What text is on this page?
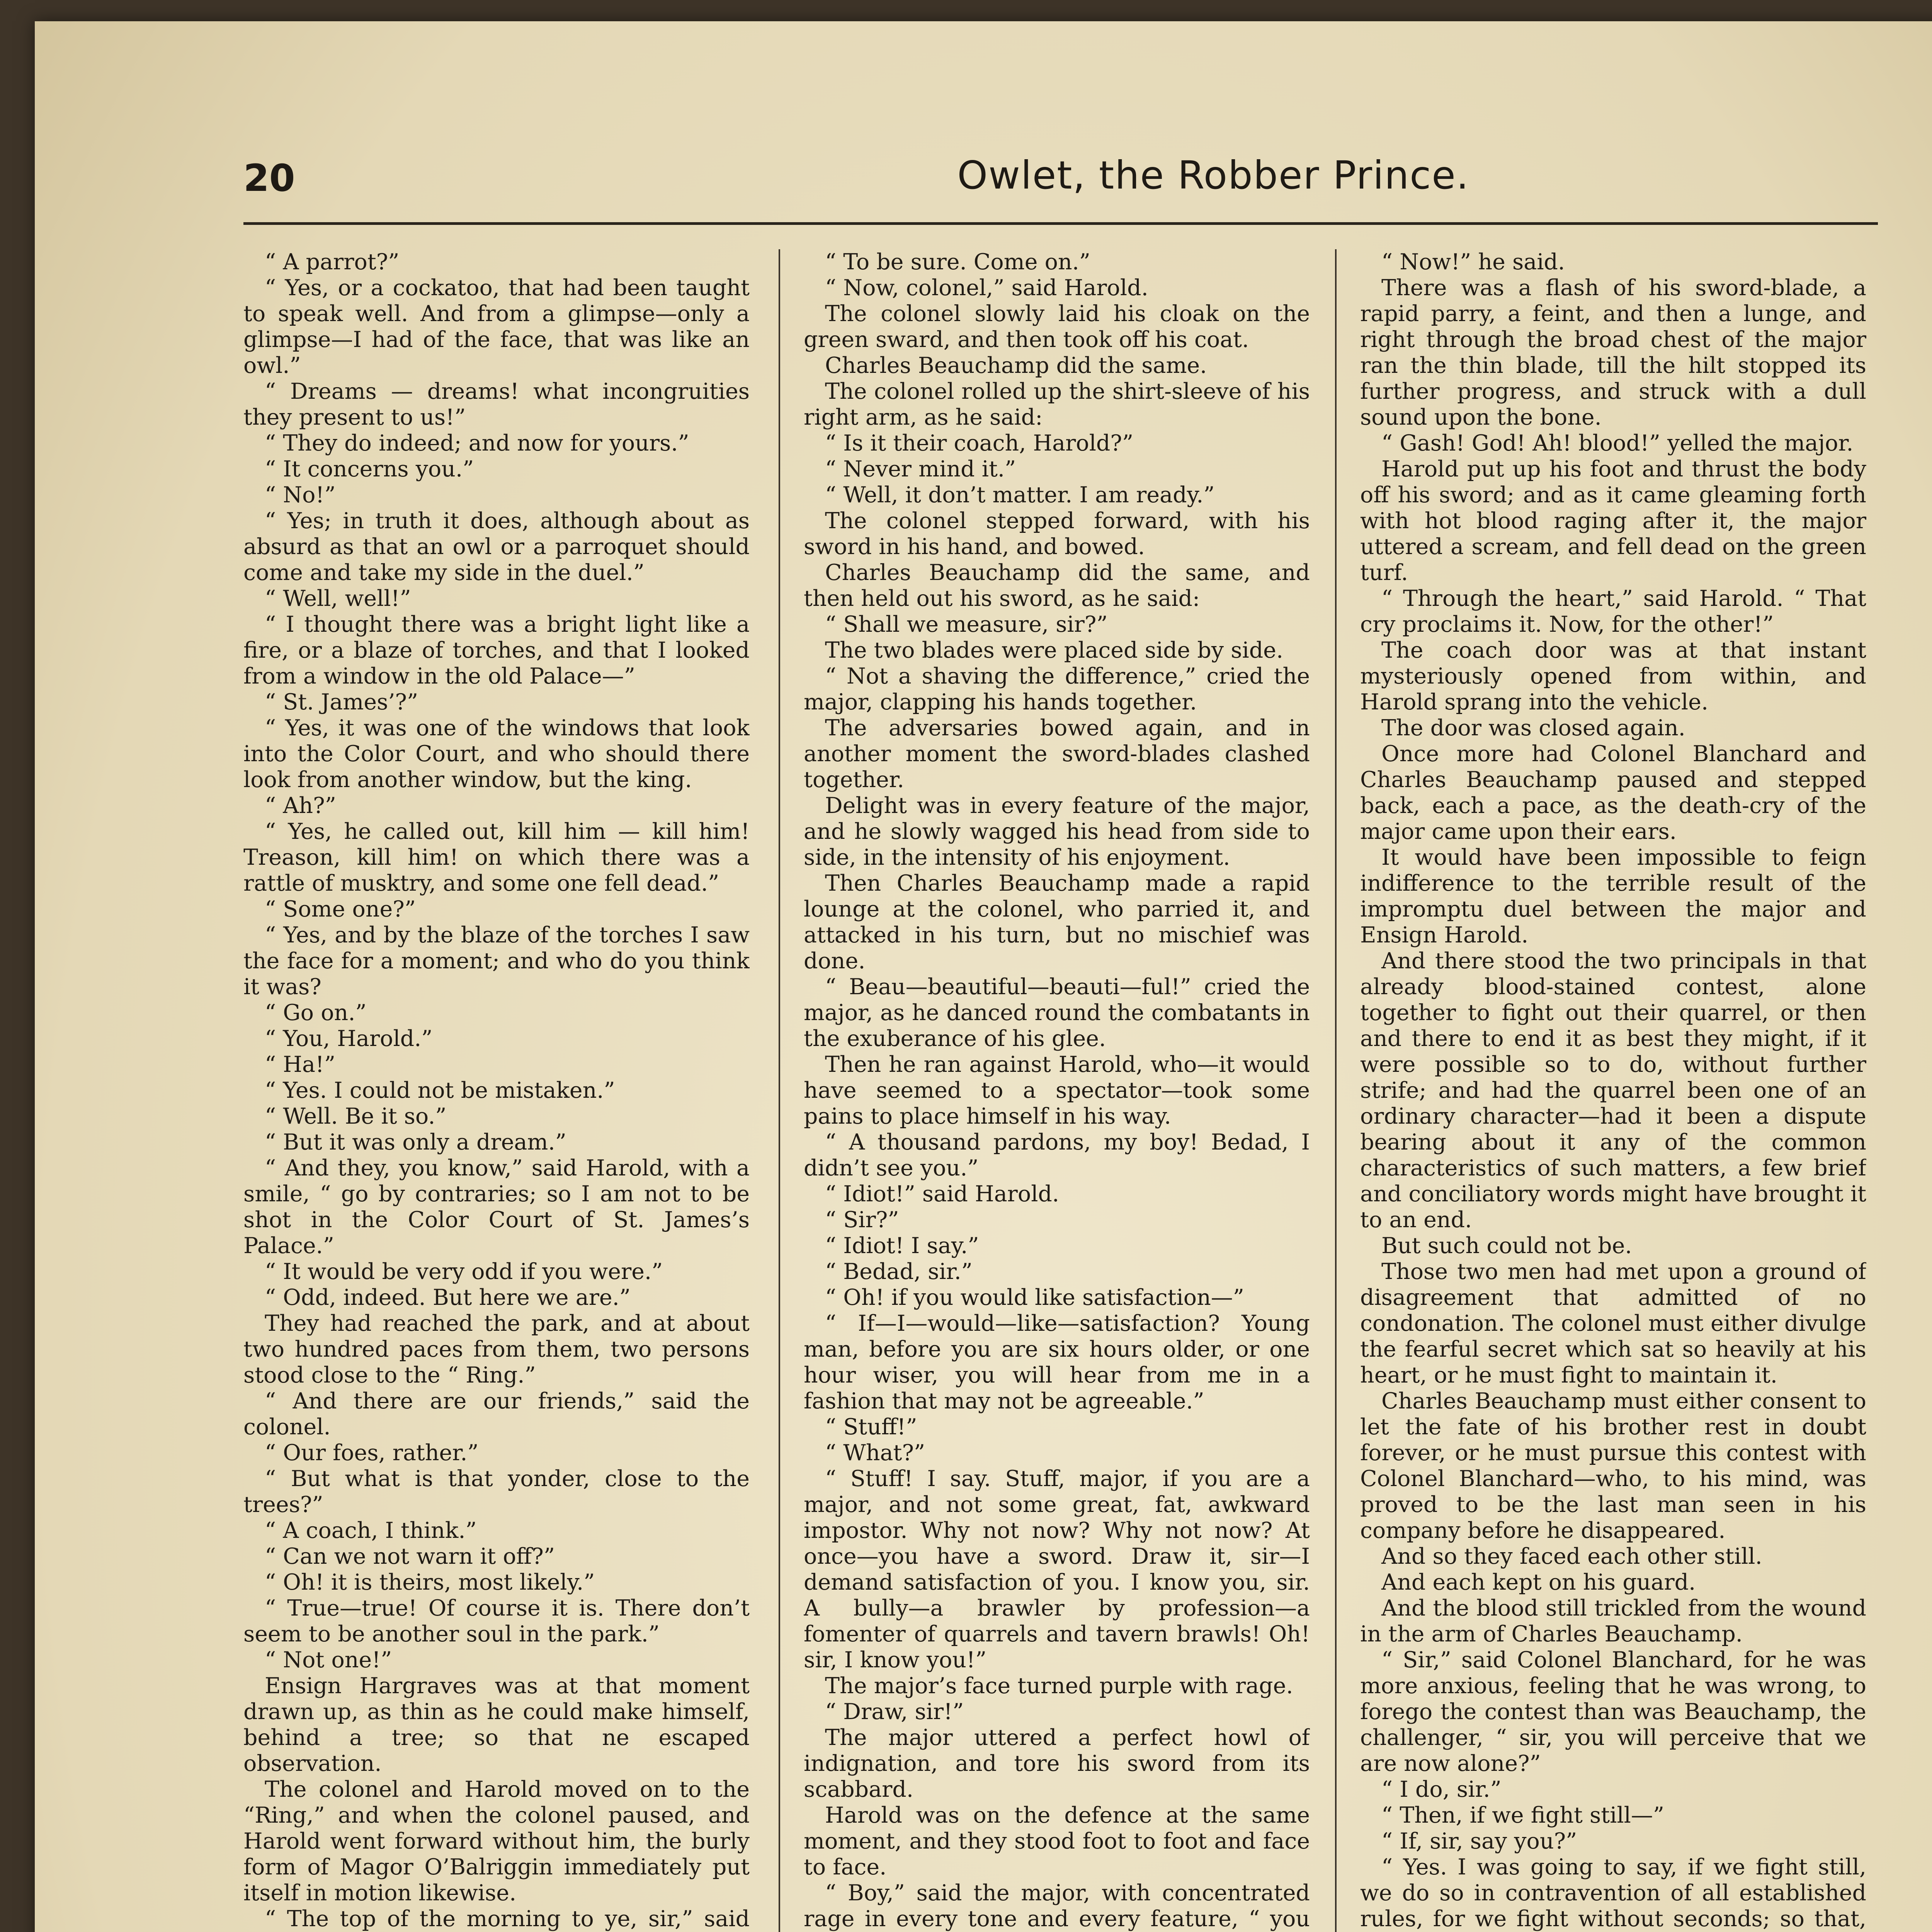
20	Owlet, the Robber Prince.

“ A parrot?”

“ Yes, or a cockatoo, that had been taught to speak well. And from a glimpse—only a glimpse—I had of the face, that was like an owl.”

“ Dreams — dreams! what incongruities they present to us!”

“ They do indeed; and now for yours.”

“ It concerns you.”

“ No!”

“ Yes; in truth it does, although about as absurd as that an owl or a parroquet should come and take my side in the duel.”

“ Well, well!”

“ I thought there was a bright light like a fire, or a blaze of torches, and that I looked from a window in the old Palace—”

“ St. James’?”

“ Yes, it was one of the windows that look into the Color Court, and who should there look from another window, but the king.

“ Ah?”

“ Yes, he called out, kill him — kill him! Treason, kill him! on which there was a rattle of musktry, and some one fell dead.”

“ Some one?”

“ Yes, and by the blaze of the torches I saw the face for a moment; and who do you think it was?

“ Go on.”

“ You, Harold.”

“ Ha!”

“ Yes. I could not be mistaken.”

“ Well. Be it so.”

“ But it was only a dream.”

“ And they, you know,” said Harold, with a smile, “ go by contraries; so I am not to be shot in the Color Court of St. James’s Palace.”

“ It would be very odd if you were.”

“ Odd, indeed. But here we are.”

They had reached the park, and at about two hundred paces from them, two persons stood close to the “ Ring.”

“ And there are our friends,” said the colonel.

“ Our foes, rather.”

“ But what is that yonder, close to the trees?”

“ A coach, I think.”

“ Can we not warn it off?”

“ Oh! it is theirs, most likely.”

“ True—true! Of course it is. There don’t seem to be another soul in the park.”

“ Not one!”

Ensign Hargraves was at that moment drawn up, as thin as he could make himself, behind a tree; so that ne escaped observation.

The colonel and Harold moved on to the “Ring,” and when the colonel paused, and Harold went forward without him, the burly form of Magor O’Balriggin immediately put itself in motion likewise.

“ The top of the morning to ye, sir,” said

“ To be sure. Come on.”

“ Now, colonel,” said Harold.

The colonel slowly laid his cloak on the green sward, and then took off his coat.

Charles Beauchamp did the same.

The colonel rolled up the shirt-sleeve of his right arm, as he said:

“ Is it their coach, Harold?”

“ Never mind it.”

“ Well, it don’t matter. I am ready.”

The colonel stepped forward, with his sword in his hand, and bowed.

Charles Beauchamp did the same, and then held out his sword, as he said:

“ Shall we measure, sir?”

The two blades were placed side by side.

“ Not a shaving the difference,” cried the major, clapping his hands together.

The adversaries bowed again, and in another moment the sword-blades clashed together.

Delight was in every feature of the major, and he slowly wagged his head from side to side, in the intensity of his enjoyment.

Then Charles Beauchamp made a rapid lounge at the colonel, who parried it, and attacked in his turn, but no mischief was done.

“ Beau—beautiful—beauti—ful!” cried the major, as he danced round the combatants in the exuberance of his glee.

Then he ran against Harold, who—it would have seemed to a spectator—took some pains to place himself in his way.

“ A thousand pardons, my boy! Bedad, I didn’t see you.”

“ Idiot!” said Harold.

“ Sir?”

“ Idiot! I say.”

“ Bedad, sir.”

“ Oh! if you would like satisfaction—”

“ If—I—would—like—satisfaction? Young man, before you are six hours older, or one hour wiser, you will hear from me in a fashion that may not be agreeable.”

“ Stuff!”

“ What?”

“ Stuff! I say. Stuff, major, if you are a major, and not some great, fat, awkward impostor. Why not now? Why not now? At once—you have a sword. Draw it, sir—I demand satisfaction of you. I know you, sir. A bully—a brawler by profession—a fomenter of quarrels and tavern brawls! Oh! sir, I know you!”

The major’s face turned purple with rage.

“ Draw, sir!”

The major uttered a perfect howl of indignation, and tore his sword from its scabbard.

Harold was on the defence at the same moment, and they stood foot to foot and face to face.

“ Boy,” said the major, with concentrated rage in every tone and every feature, “ you

“ Now!” he said.

There was a flash of his sword-blade, a rapid parry, a feint, and then a lunge, and right through the broad chest of the major ran the thin blade, till the hilt stopped its further progress, and struck with a dull sound upon the bone.

“ Gash! God! Ah! blood!” yelled the major.

Harold put up his foot and thrust the body off his sword; and as it came gleaming forth with hot blood raging after it, the major uttered a scream, and fell dead on the green turf.

“ Through the heart,” said Harold. “ That cry proclaims it. Now, for the other!”

The coach door was at that instant mysteriously opened from within, and Harold sprang into the vehicle.

The door was closed again.

Once more had Colonel Blanchard and Charles Beauchamp paused and stepped back, each a pace, as the death-cry of the major came upon their ears.

It would have been impossible to feign indifference to the terrible result of the impromptu duel between the major and Ensign Harold.

And there stood the two principals in that already blood-stained contest, alone together to fight out their quarrel, or then and there to end it as best they might, if it were possible so to do, without further strife; and had the quarrel been one of an ordinary character—had it been a dispute bearing about it any of the common characteristics of such matters, a few brief and conciliatory words might have brought it to an end.

But such could not be.

Those two men had met upon a ground of disagreement that admitted of no condonation. The colonel must either divulge the fearful secret which sat so heavily at his heart, or he must fight to maintain it.

Charles Beauchamp must either consent to let the fate of his brother rest in doubt forever, or he must pursue this contest with Colonel Blanchard—who, to his mind, was proved to be the last man seen in his company before he disappeared.

And so they faced each other still.

And each kept on his guard.

And the blood still trickled from the wound in the arm of Charles Beauchamp.

“ Sir,” said Colonel Blanchard, for he was more anxious, feeling that he was wrong, to forego the contest than was Beauchamp, the challenger, “ sir, you will perceive that we are now alone?”

“ I do, sir.”

“ Then, if we fight still—”

“ If, sir, say you?”

“ Yes. I was going to say, if we fight still, we do so in contravention of all established rules, for we fight without seconds; so that,
